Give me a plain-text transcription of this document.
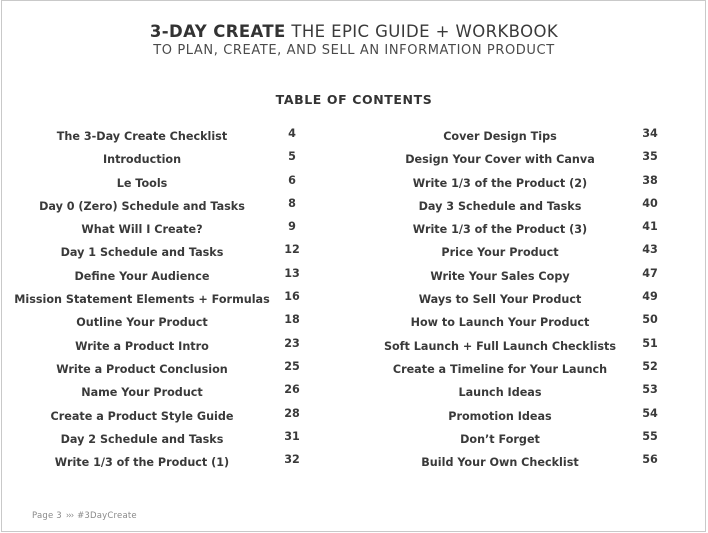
3-DAY CREATE THE EPIC GUIDE + WORKBOOK
TO PLAN, CREATE, AND SELL AN INFORMATION PRODUCT
TABLE OF CONTENTS
The 3-Day Create Checklist	4
Introduction	5
Le Tools	6
Day 0 (Zero) Schedule and Tasks	8
What Will I Create?	9
Day 1 Schedule and Tasks	12
Define Your Audience	13
Mission Statement Elements + Formulas	16
Outline Your Product	18
Write a Product Intro	23
Write a Product Conclusion	25
Name Your Product	26
Create a Product Style Guide	28
Day 2 Schedule and Tasks	31
Write 1/3 of the Product (1)	32
Cover Design Tips	34
Design Your Cover with Canva	35
Write 1/3 of the Product (2)	38
Day 3 Schedule and Tasks	40
Write 1/3 of the Product (3)	41
Price Your Product	43
Write Your Sales Copy	47
Ways to Sell Your Product	49
How to Launch Your Product	50
Soft Launch + Full Launch Checklists	51
Create a Timeline for Your Launch	52
Launch Ideas	53
Promotion Ideas	54
Don’t Forget	55
Build Your Own Checklist	56
Page 3 ››› #3DayCreate
